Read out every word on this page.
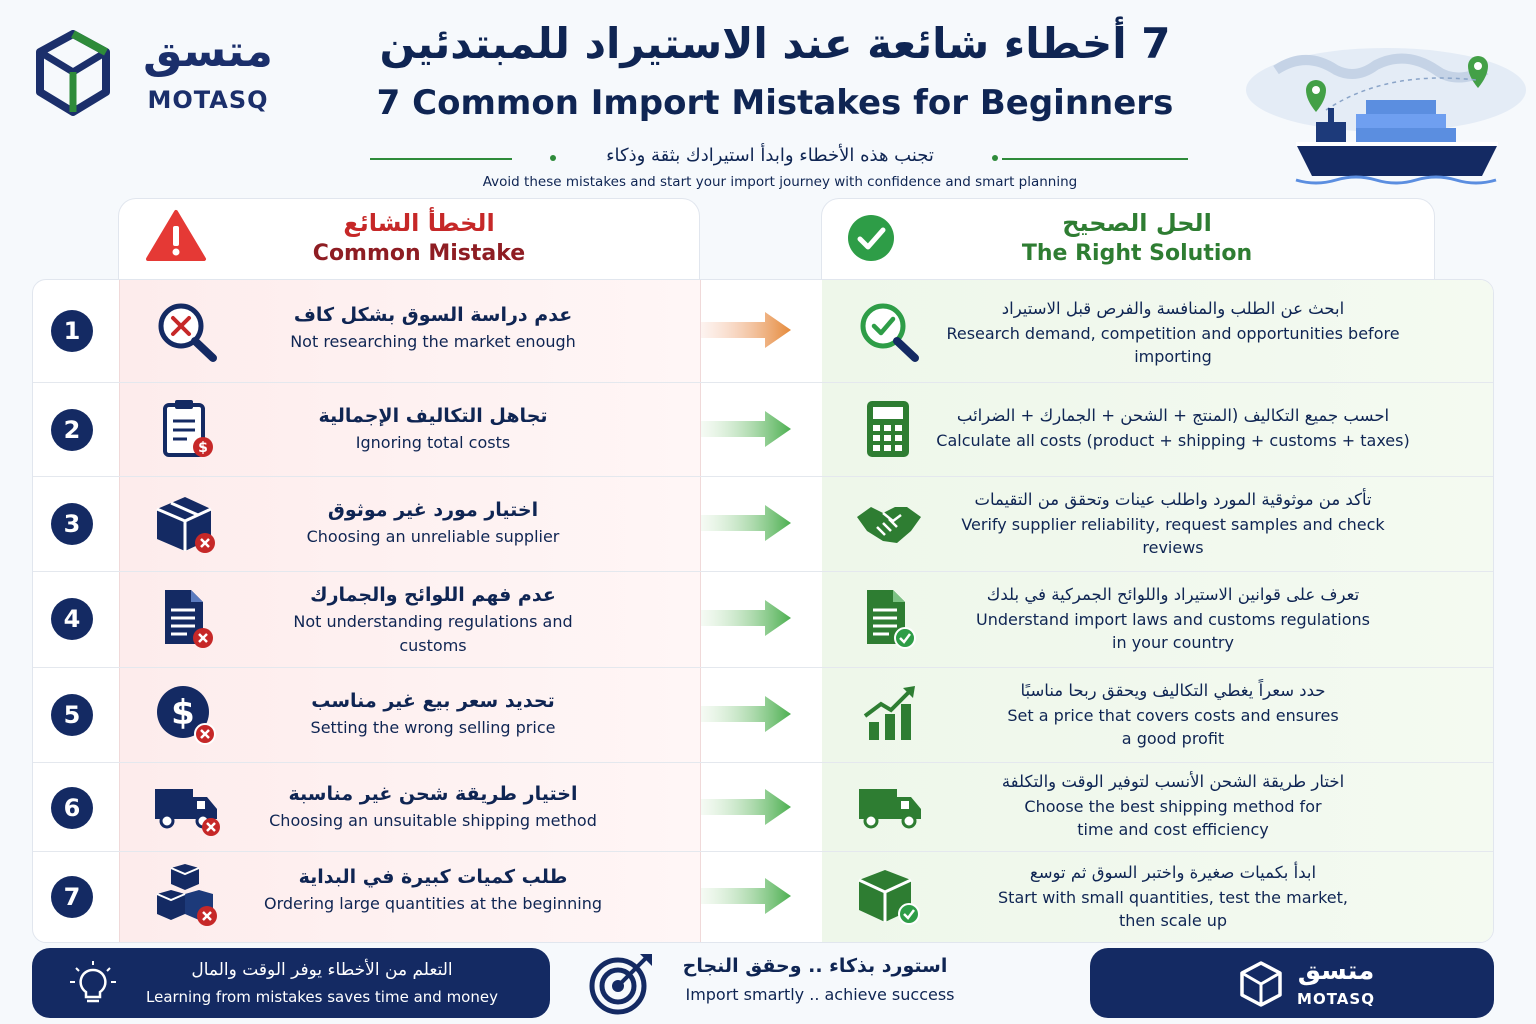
متسق
MOTASQ
7 أخطاء شائعة عند الاستيراد للمبتدئين
7 Common Import Mistakes for Beginners
تجنب هذه الأخطاء وابدأ استيرادك بثقة وذكاء
Avoid these mistakes and start your import journey with confidence and smart planning
الخطأ الشائع
Common Mistake
الحل الصحيح
The Right Solution
1
عدم دراسة السوق بشكل كاف
Not researching the market enough
ابحث عن الطلب والمنافسة والفرص قبل الاستيراد
Research demand, competition and opportunities before importing
2
$
تجاهل التكاليف الإجمالية
Ignoring total costs
احسب جميع التكاليف (المنتج + الشحن + الجمارك + الضرائب
Calculate all costs (product + shipping + customs + taxes)
3	اختيار مورد غير موثوق
Choosing an unreliable supplier
تأكد من موثوقية المورد واطلب عينات وتحقق من التقيمات
Verify supplier reliability, request samples and check reviews
4
عدم فهم اللوائح والجمارك
Not understanding regulations and customs
تعرف على قوانين الاستيراد واللوائح الجمركية في بلدك
Understand import laws and customs regulations in your country
5	$	تحديد سعر بيع غير مناسب
Setting the wrong selling price
حدد سعراً يغطي التكاليف ويحقق ربحا مناسبًا
Set a price that covers costs and ensures a good profit
6	اختيار طريقة شحن غير مناسبة
Choosing an unsuitable shipping method
اختار طريقة الشحن الأنسب لتوفير الوقت والتكلفة
Choose the best shipping method for time and cost efficiency
7
طلب كميات كبيرة في البداية
Ordering large quantities at the beginning
ابدأ بكميات صغيرة واختبر السوق ثم توسع
Start with small quantities, test the market, then scale up
التعلم من الأخطاء يوفر الوقت والمال
Learning from mistakes saves time and money
استورد بذكاء .. وحقق النجاح
Import smartly .. achieve success
متسق
MOTASQ
